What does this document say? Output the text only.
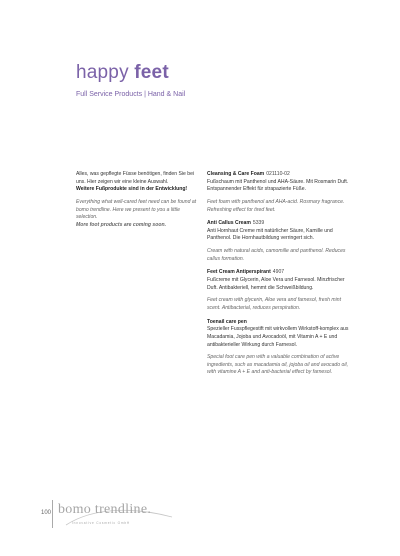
happy feet
Full Service Products | Hand & Nail

Alles, was gepflegte Füsse benötigen, finden Sie bei uns. Hier zeigen wir eine kleine Auswahl.

Weitere Fußprodukte sind in der Entwicklung!

Everything what well-cared feet need can be found at bomo trendline. Here we present to you a little selection.

More foot products are coming soon.

Cleansing & Care Foam 021110-02

Fußschaum mit Panthenol und AHA-Säure. Mit Rosmarin Duft. Entspannender Effekt für strapazierte Füße.

Feet foam with panthenol and AHA-acid. Rosmary fragrance. Refreshing effect for tired feet.

Anti Callus Cream 5339

Anti Hornhaut Creme mit natürlicher Säure, Kamille und Panthenol. Die Hornhautbildung verringert sich.

Cream with natural acids, camomille and panthenol. Reduces callus formation.

Feet Cream Antiperspirant 4907

Fußcreme mit Glycerin, Aloe Vera und Farnesol. Minzfrischer Duft. Antibakteriell, hemmt die Schweißbildung.

Feet cream with glycerin, Aloe vera and farnesol, fresh mint scent. Antibacterial, reduces perspiration.

Toenail care pen

Spezieller Fusspflegestift mit wirkvollem Wirkstoff-komplex aus Macadamia, Jojoba und Avocadoöl, mit Vitamin A + E und antibakterieller Wirkung durch Farnesol.

Special foot care pen with a valuable combination of active ingredients, such as macadamia oil, jojoba oil and avocado oil, with vitamine A + E and anti-bacterial effect by farnesol.

100 bomo trendline.
Innovative Cosmetic GmbH
